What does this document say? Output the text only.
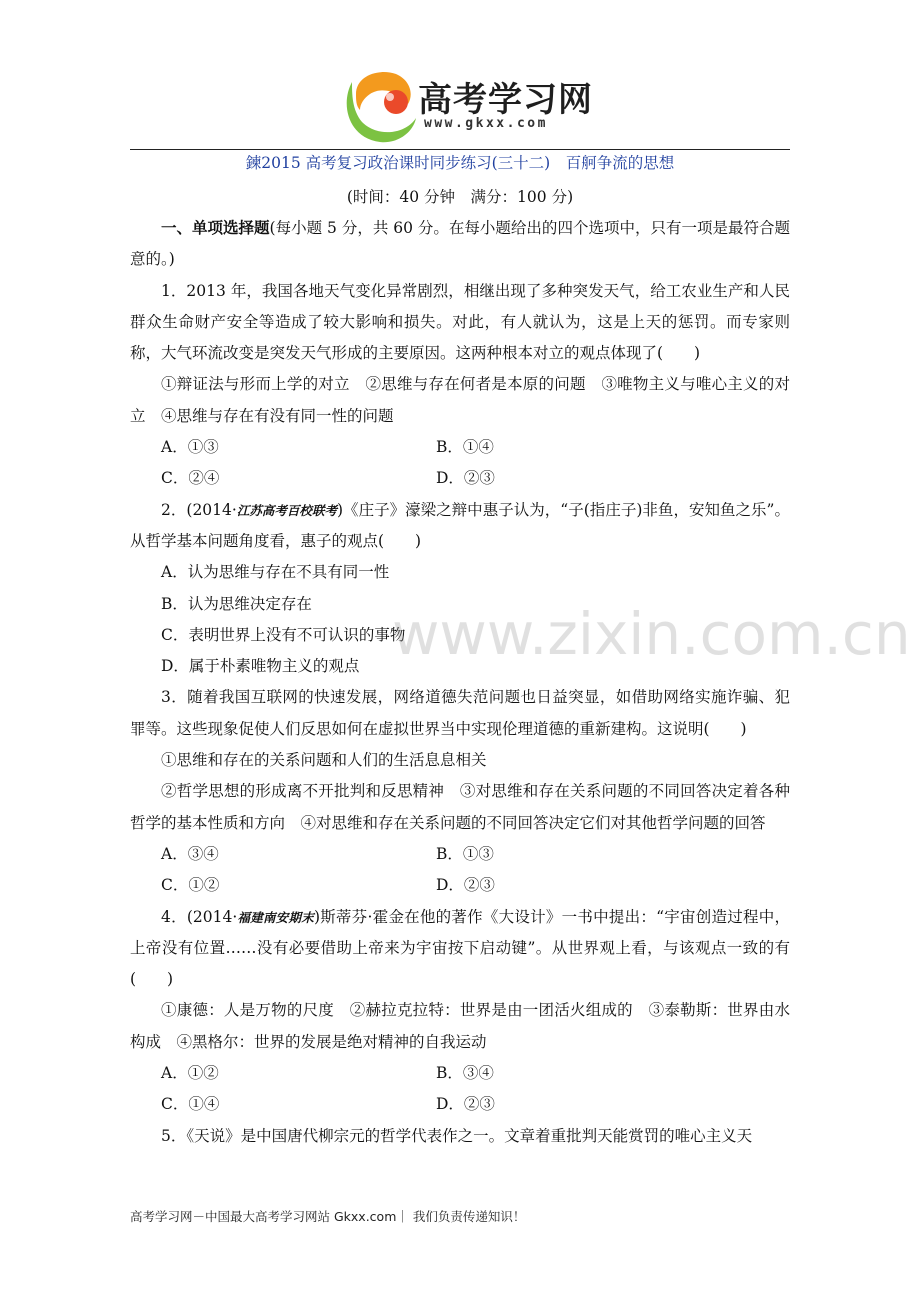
高考学习网
www.gkxx.com
鍊2015 高考复习政治课时同步练习(三十二)　百舸争流的思想
(时间：40 分钟　满分：100 分)

一、单项选择题(每小题 5 分，共 60 分。在每小题给出的四个选项中，只有一项是最符合题意的。)

1．2013 年，我国各地天气变化异常剧烈，相继出现了多种突发天气，给工农业生产和人民群众生命财产安全等造成了较大影响和损失。对此，有人就认为，这是上天的惩罚。而专家则称，大气环流改变是突发天气形成的主要原因。这两种根本对立的观点体现了(　　)

①辩证法与形而上学的对立　②思维与存在何者是本原的问题　③唯物主义与唯心主义的对立　④思维与存在有没有同一性的问题

A．①③	B．①④
C．②④	D．②③

2．(2014·江苏高考百校联考)《庄子》濠梁之辩中惠子认为，“子(指庄子)非鱼，安知鱼之乐”。从哲学基本问题角度看，惠子的观点(　　)

A．认为思维与存在不具有同一性

B．认为思维决定存在

C．表明世界上没有不可认识的事物

D．属于朴素唯物主义的观点

3．随着我国互联网的快速发展，网络道德失范问题也日益突显，如借助网络实施诈骗、犯罪等。这些现象促使人们反思如何在虚拟世界当中实现伦理道德的重新建构。这说明(　　)

①思维和存在的关系问题和人们的生活息息相关

②哲学思想的形成离不开批判和反思精神　③对思维和存在关系问题的不同回答决定着各种哲学的基本性质和方向　④对思维和存在关系问题的不同回答决定它们对其他哲学问题的回答

A．③④	B．①③
C．①②	D．②③

4．(2014·福建南安期末)斯蒂芬·霍金在他的著作《大设计》一书中提出：“宇宙创造过程中，上帝没有位置……没有必要借助上帝来为宇宙按下启动键”。从世界观上看，与该观点一致的有(　　)

①康德：人是万物的尺度　②赫拉克拉特：世界是由一团活火组成的　③泰勒斯：世界由水构成　④黑格尔：世界的发展是绝对精神的自我运动

A．①②	B．③④
C．①④	D．②③

5．《天说》是中国唐代柳宗元的哲学代表作之一。文章着重批判天能赏罚的唯心主义天

www.zixin.com.cn
高考学习网－中国最大高考学习网站 Gkxx.com｜ 我们负责传递知识！
